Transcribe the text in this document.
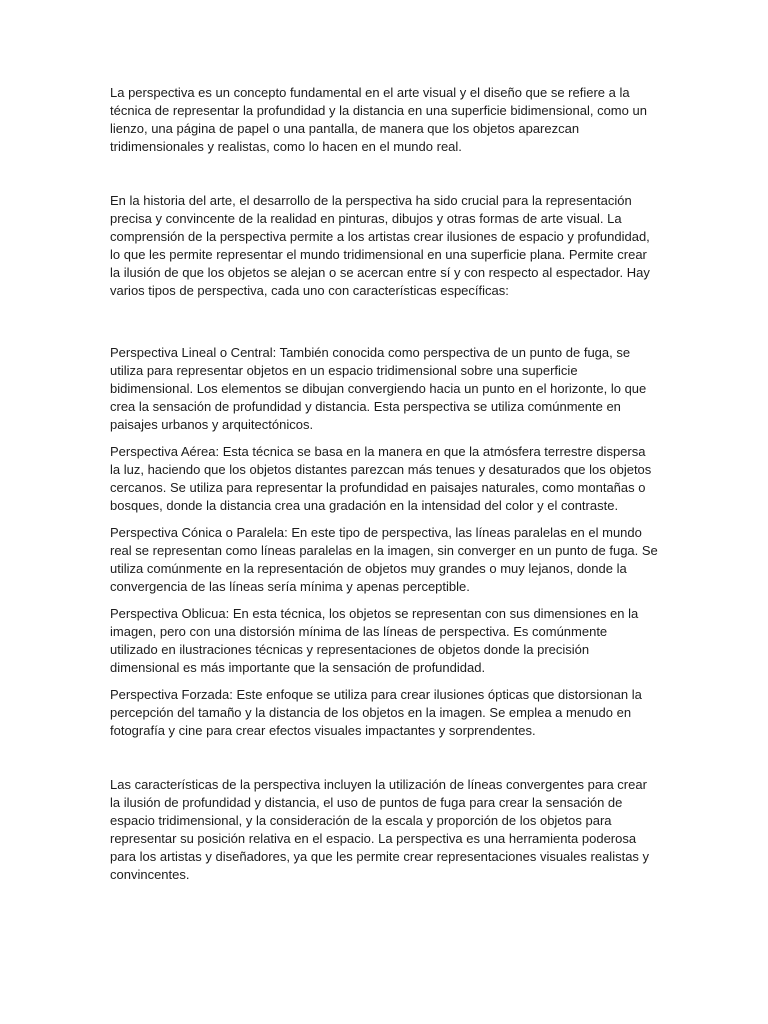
La perspectiva es un concepto fundamental en el arte visual y el diseño que se refiere a la técnica de representar la profundidad y la distancia en una superficie bidimensional, como un lienzo, una página de papel o una pantalla, de manera que los objetos aparezcan tridimensionales y realistas, como lo hacen en el mundo real.

En la historia del arte, el desarrollo de la perspectiva ha sido crucial para la representación precisa y convincente de la realidad en pinturas, dibujos y otras formas de arte visual. La comprensión de la perspectiva permite a los artistas crear ilusiones de espacio y profundidad, lo que les permite representar el mundo tridimensional en una superficie plana. Permite crear la ilusión de que los objetos se alejan o se acercan entre sí y con respecto al espectador. Hay varios tipos de perspectiva, cada uno con características específicas:

Perspectiva Lineal o Central: También conocida como perspectiva de un punto de fuga, se utiliza para representar objetos en un espacio tridimensional sobre una superficie bidimensional. Los elementos se dibujan convergiendo hacia un punto en el horizonte, lo que crea la sensación de profundidad y distancia. Esta perspectiva se utiliza comúnmente en paisajes urbanos y arquitectónicos.

Perspectiva Aérea: Esta técnica se basa en la manera en que la atmósfera terrestre dispersa la luz, haciendo que los objetos distantes parezcan más tenues y desaturados que los objetos cercanos. Se utiliza para representar la profundidad en paisajes naturales, como montañas o bosques, donde la distancia crea una gradación en la intensidad del color y el contraste.

Perspectiva Cónica o Paralela: En este tipo de perspectiva, las líneas paralelas en el mundo real se representan como líneas paralelas en la imagen, sin converger en un punto de fuga. Se utiliza comúnmente en la representación de objetos muy grandes o muy lejanos, donde la convergencia de las líneas sería mínima y apenas perceptible.

Perspectiva Oblicua: En esta técnica, los objetos se representan con sus dimensiones en la imagen, pero con una distorsión mínima de las líneas de perspectiva. Es comúnmente utilizado en ilustraciones técnicas y representaciones de objetos donde la precisión dimensional es más importante que la sensación de profundidad.

Perspectiva Forzada: Este enfoque se utiliza para crear ilusiones ópticas que distorsionan la percepción del tamaño y la distancia de los objetos en la imagen. Se emplea a menudo en fotografía y cine para crear efectos visuales impactantes y sorprendentes.

Las características de la perspectiva incluyen la utilización de líneas convergentes para crear la ilusión de profundidad y distancia, el uso de puntos de fuga para crear la sensación de espacio tridimensional, y la consideración de la escala y proporción de los objetos para representar su posición relativa en el espacio. La perspectiva es una herramienta poderosa para los artistas y diseñadores, ya que les permite crear representaciones visuales realistas y convincentes.
